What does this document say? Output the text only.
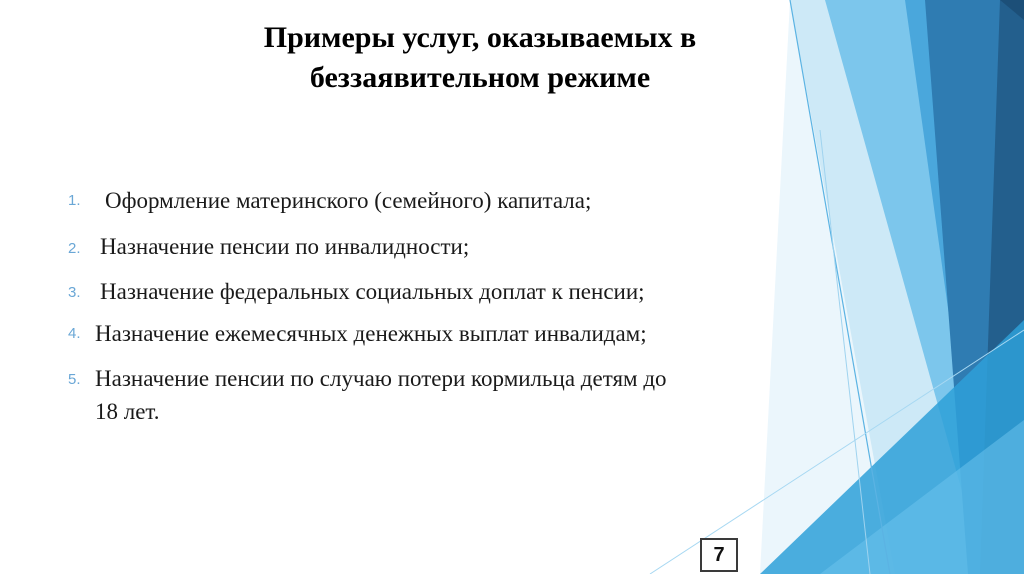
Примеры услуг, оказываемых в
беззаявительном режиме
1. Оформление материнского (семейного) капитала;
2. Назначение пенсии по инвалидности;
3. Назначение федеральных социальных доплат к пенсии;
4. Назначение ежемесячных денежных выплат инвалидам;
5. Назначение пенсии по случаю потери кормильца детям до
18 лет.
7
